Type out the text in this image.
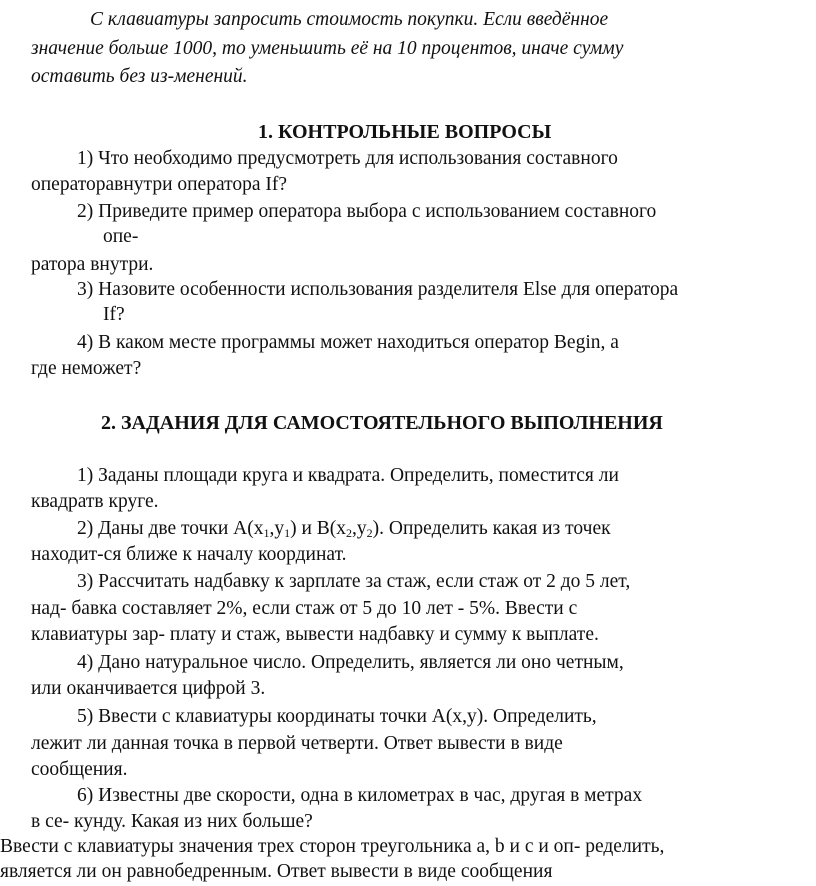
С клавиатуры запросить стоимость покупки. Если введённое
значение больше 1000, то уменьшить её на 10 процентов, иначе сумму
оставить без из-менений.
1. КОНТРОЛЬНЫЕ ВОПРОСЫ
1) Что необходимо предусмотреть для использования составного
операторавнутри оператора If?
2) Приведите пример оператора выбора с использованием составного
опе-
ратора внутри.
3) Назовите особенности использования разделителя Else для оператора
If?
4) В каком месте программы может находиться оператор Begin, а
где неможет?
2. ЗАДАНИЯ ДЛЯ САМОСТОЯТЕЛЬНОГО ВЫПОЛНЕНИЯ
1) Заданы площади круга и квадрата. Определить, поместится ли
квадратв круге.
2) Даны две точки $A(x_1,y_1)$ и $B(x_2,y_2)$. Определить какая из точек
находит-ся ближе к началу координат.
3) Рассчитать надбавку к зарплате за стаж, если стаж от 2 до 5 лет,
над- бавка составляет 2%, если стаж от 5 до 10 лет - 5%. Ввести с
клавиатуры зар- плату и стаж, вывести надбавку и сумму к выплате.
4) Дано натуральное число. Определить, является ли оно четным,
или оканчивается цифрой 3.
5) Ввести с клавиатуры координаты точки A(x,y). Определить,
лежит ли данная точка в первой четверти. Ответ вывести в виде
сообщения.
6) Известны две скорости, одна в километрах в час, другая в метрах
в се- кунду. Какая из них больше?
Ввести с клавиатуры значения трех сторон треугольника a, b и c и оп- ределить,
является ли он равнобедренным. Ответ вывести в виде сообщения
